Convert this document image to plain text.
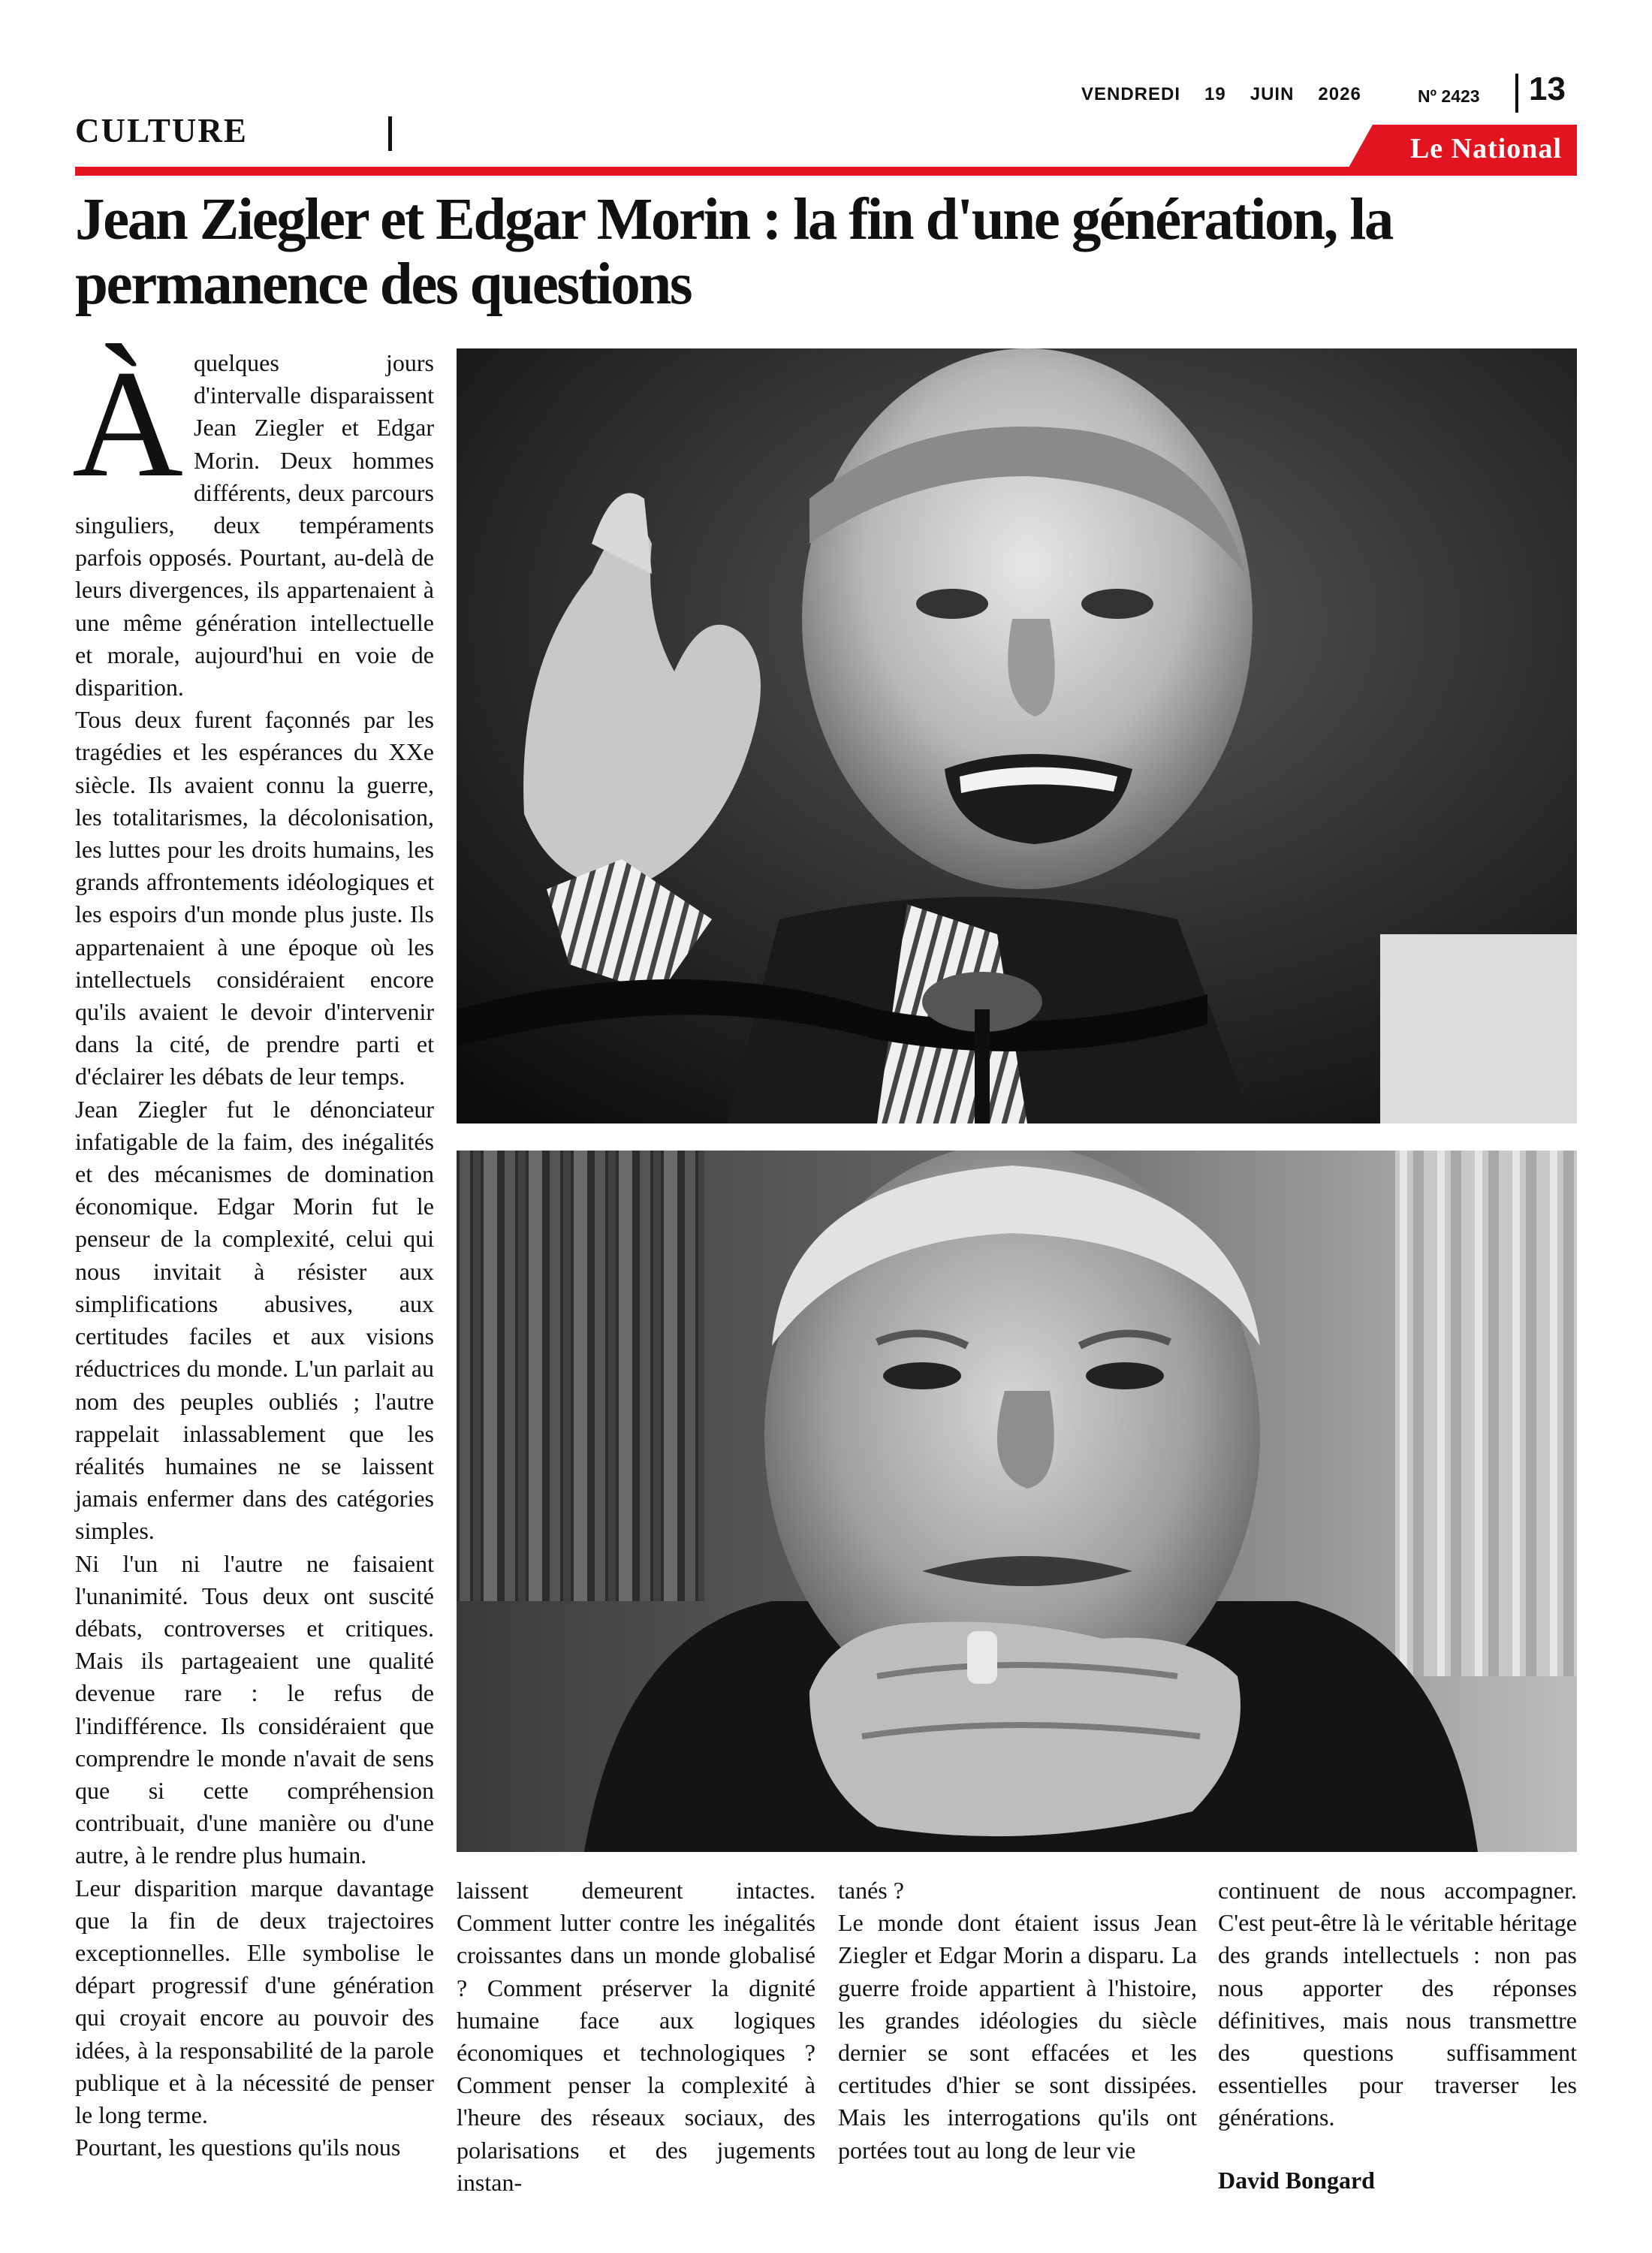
VENDREDI 19 JUIN 2026	Nº 2423 13
CULTURE	Le National
Jean Ziegler et Edgar Morin : la fin d'une génération, la permanence des questions
À quelques jours d'intervalle disparaissent Jean Ziegler et Edgar Morin. Deux hommes différents, deux parcours singuliers, deux tempéraments parfois opposés. Pourtant, au-delà de leurs divergences, ils appartenaient à une même génération intellectuelle et morale, aujourd'hui en voie de disparition.

Tous deux furent façonnés par les tragédies et les espérances du XXe siècle. Ils avaient connu la guerre, les totalitarismes, la décolonisation, les luttes pour les droits humains, les grands affrontements idéologiques et les espoirs d'un monde plus juste. Ils appartenaient à une époque où les intellectuels considéraient encore qu'ils avaient le devoir d'intervenir dans la cité, de prendre parti et d'éclairer les débats de leur temps.

Jean Ziegler fut le dénonciateur infatigable de la faim, des inégalités et des mécanismes de domination économique. Edgar Morin fut le penseur de la complexité, celui qui nous invitait à résister aux simplifications abusives, aux certitudes faciles et aux visions réductrices du monde. L'un parlait au nom des peuples oubliés ; l'autre rappelait inlassablement que les réalités humaines ne se laissent jamais enfermer dans des catégories simples.

Ni l'un ni l'autre ne faisaient l'unanimité. Tous deux ont suscité débats, controverses et critiques. Mais ils partageaient une qualité devenue rare : le refus de l'indifférence. Ils considéraient que comprendre le monde n'avait de sens que si cette compréhension contribuait, d'une manière ou d'une autre, à le rendre plus humain.

Leur disparition marque davantage que la fin de deux trajectoires exceptionnelles. Elle symbolise le départ progressif d'une génération qui croyait encore au pouvoir des idées, à la responsabilité de la parole publique et à la nécessité de penser le long terme.

Pourtant, les questions qu'ils nous

laissent demeurent intactes. Comment lutter contre les inégalités croissantes dans un monde globalisé ? Comment préserver la dignité humaine face aux logiques économiques et technologiques ? Comment penser la complexité à l'heure des réseaux sociaux, des polarisations et des jugements instan-

tanés ?

Le monde dont étaient issus Jean Ziegler et Edgar Morin a disparu. La guerre froide appartient à l'histoire, les grandes idéologies du siècle dernier se sont effacées et les certitudes d'hier se sont dissipées. Mais les interrogations qu'ils ont portées tout au long de leur vie

continuent de nous accompagner. C'est peut-être là le véritable héritage des grands intellectuels : non pas nous apporter des réponses définitives, mais nous transmettre des questions suffisamment essentielles pour traverser les générations.

David Bongard
